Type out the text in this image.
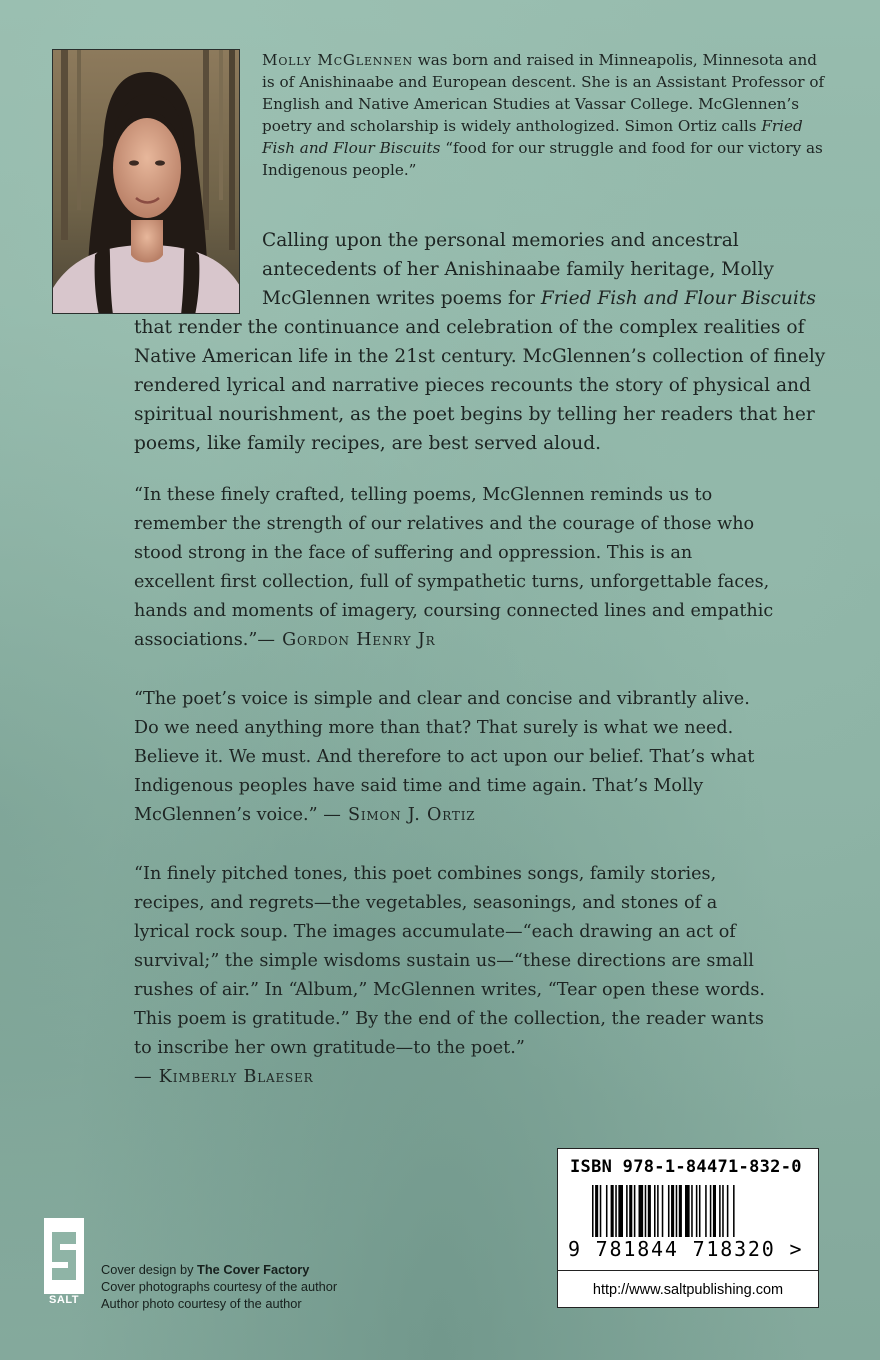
Molly McGlennen was born and raised in Minneapolis, Minnesota and is of Anishinaabe and European descent. She is an Assistant Professor of English and Native American Studies at Vassar College. McGlennen’s poetry and scholarship is widely anthologized. Simon Ortiz calls Fried Fish and Flour Biscuits “food for our struggle and food for our victory as Indigenous people.”
Calling upon the personal memories and ancestral antecedents of her Anishinaabe family heritage, Molly McGlennen writes poems for Fried Fish and Flour Biscuits
that render the continuance and celebration of the complex realities of Native American life in the 21st century. McGlennen’s collection of finely rendered lyrical and narrative pieces recounts the story of physical and spiritual nourishment, as the poet begins by telling her readers that her poems, like family recipes, are best served aloud.
“In these finely crafted, telling poems, McGlennen reminds us to remember the strength of our relatives and the courage of those who stood strong in the face of suffering and oppression. This is an excellent first collection, full of sympathetic turns, unforgettable faces, hands and moments of imagery, coursing connected lines and empathic associations.”— Gordon Henry Jr
“The poet’s voice is simple and clear and concise and vibrantly alive. Do we need anything more than that? That surely is what we need. Believe it. We must. And therefore to act upon our belief. That’s what Indigenous peoples have said time and time again. That’s Molly McGlennen’s voice.” — Simon J. Ortiz
“In finely pitched tones, this poet combines songs, family stories, recipes, and regrets—the vegetables, seasonings, and stones of a lyrical rock soup. The images accumulate—“each drawing an act of survival;” the simple wisdoms sustain us—“these directions are small rushes of air.” In “Album,” McGlennen writes, “Tear open these words. This poem is gratitude.” By the end of the collection, the reader wants to inscribe her own gratitude—to the poet.”
— Kimberly Blaeser
ISBN 978-1-84471-832-0
9 781844 718320 >
http://www.saltpublishing.com
SALT
Cover design by The Cover Factory
Cover photographs courtesy of the author
Author photo courtesy of the author
